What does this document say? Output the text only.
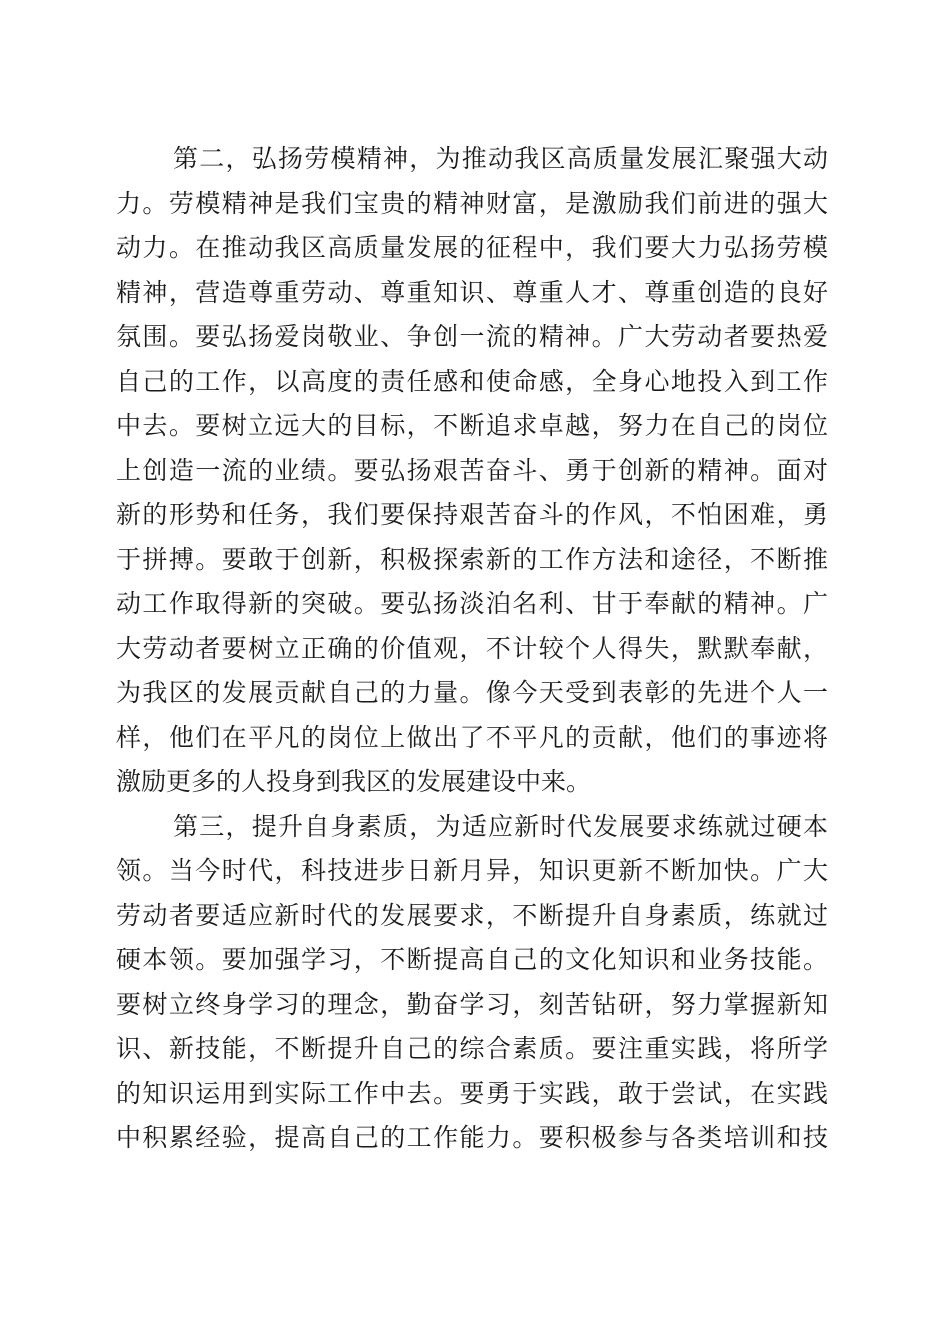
第二，弘扬劳模精神，为推动我区高质量发展汇聚强大动
力。劳模精神是我们宝贵的精神财富，是激励我们前进的强大
动力。在推动我区高质量发展的征程中，我们要大力弘扬劳模
精神，营造尊重劳动、尊重知识、尊重人才、尊重创造的良好
氛围。要弘扬爱岗敬业、争创一流的精神。广大劳动者要热爱
自己的工作，以高度的责任感和使命感，全身心地投入到工作
中去。要树立远大的目标，不断追求卓越，努力在自己的岗位
上创造一流的业绩。要弘扬艰苦奋斗、勇于创新的精神。面对
新的形势和任务，我们要保持艰苦奋斗的作风，不怕困难，勇
于拼搏。要敢于创新，积极探索新的工作方法和途径，不断推
动工作取得新的突破。要弘扬淡泊名利、甘于奉献的精神。广
大劳动者要树立正确的价值观，不计较个人得失，默默奉献，
为我区的发展贡献自己的力量。像今天受到表彰的先进个人一
样，他们在平凡的岗位上做出了不平凡的贡献，他们的事迹将
激励更多的人投身到我区的发展建设中来。
第三，提升自身素质，为适应新时代发展要求练就过硬本
领。当今时代，科技进步日新月异，知识更新不断加快。广大
劳动者要适应新时代的发展要求，不断提升自身素质，练就过
硬本领。要加强学习，不断提高自己的文化知识和业务技能。
要树立终身学习的理念，勤奋学习，刻苦钻研，努力掌握新知
识、新技能，不断提升自己的综合素质。要注重实践，将所学
的知识运用到实际工作中去。要勇于实践，敢于尝试，在实践
中积累经验，提高自己的工作能力。要积极参与各类培训和技
